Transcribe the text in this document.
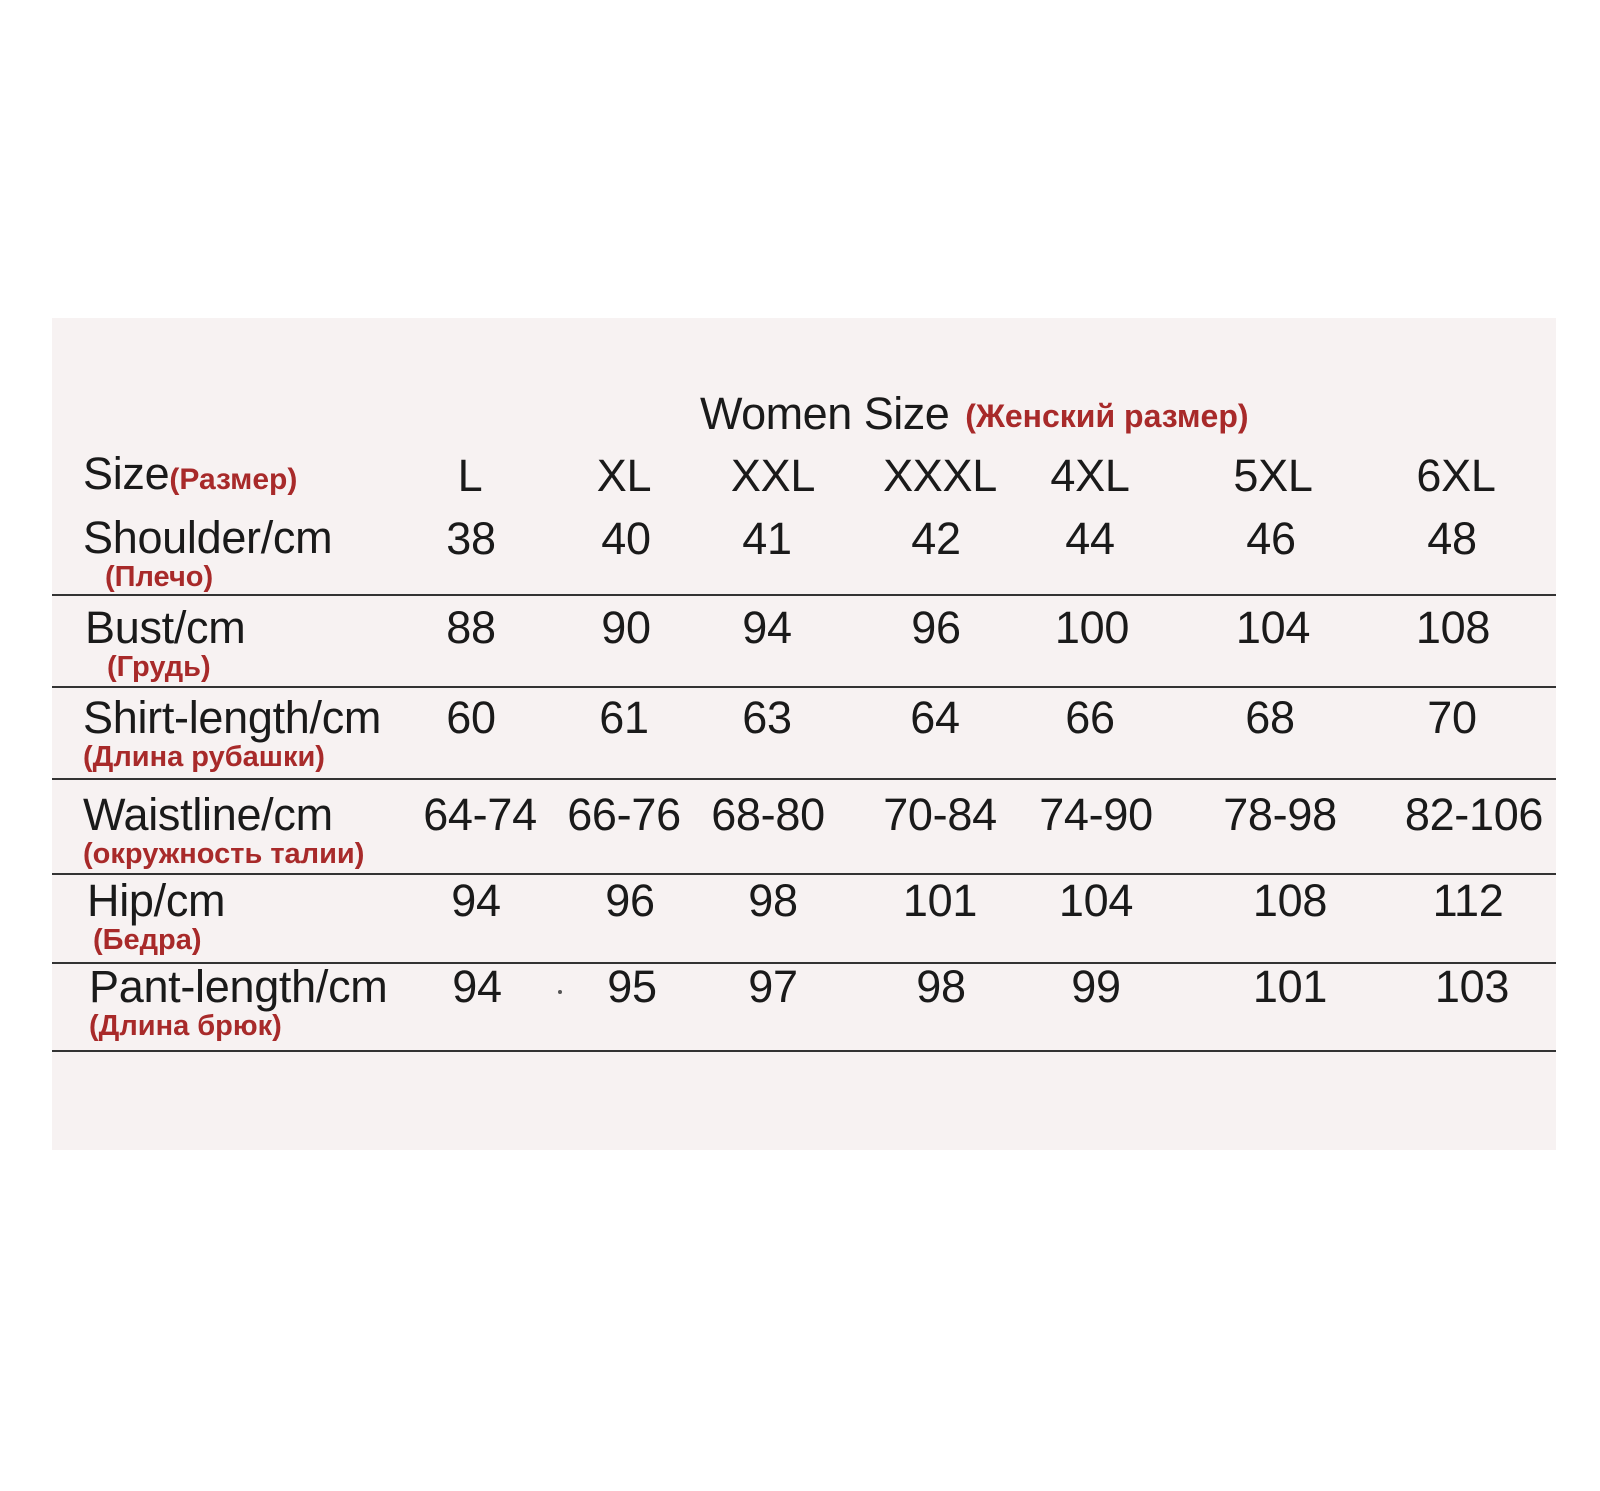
Women Size (Женский размер)
Size(Размер)	L	XL XXL XXXL 4XL 5XL 6XL
Shoulder/cm
(Плечо)
38 40 41	42 44	46	48
Bust/cm
(Грудь)
88 90 94	96 100 104 108
Shirt-length/cm
(Длина рубашки)
60 61 63	64 66	68	70
Waistline/cm
(окружность талии)
64-74 66-76 68-80 70-84 74-90 78-98 82-106
Hip/cm
(Бедра)
94 96 98 101 104	108 112
Pant-length/cm
(Длина брюк)
94 95 97	98 99	101 103
